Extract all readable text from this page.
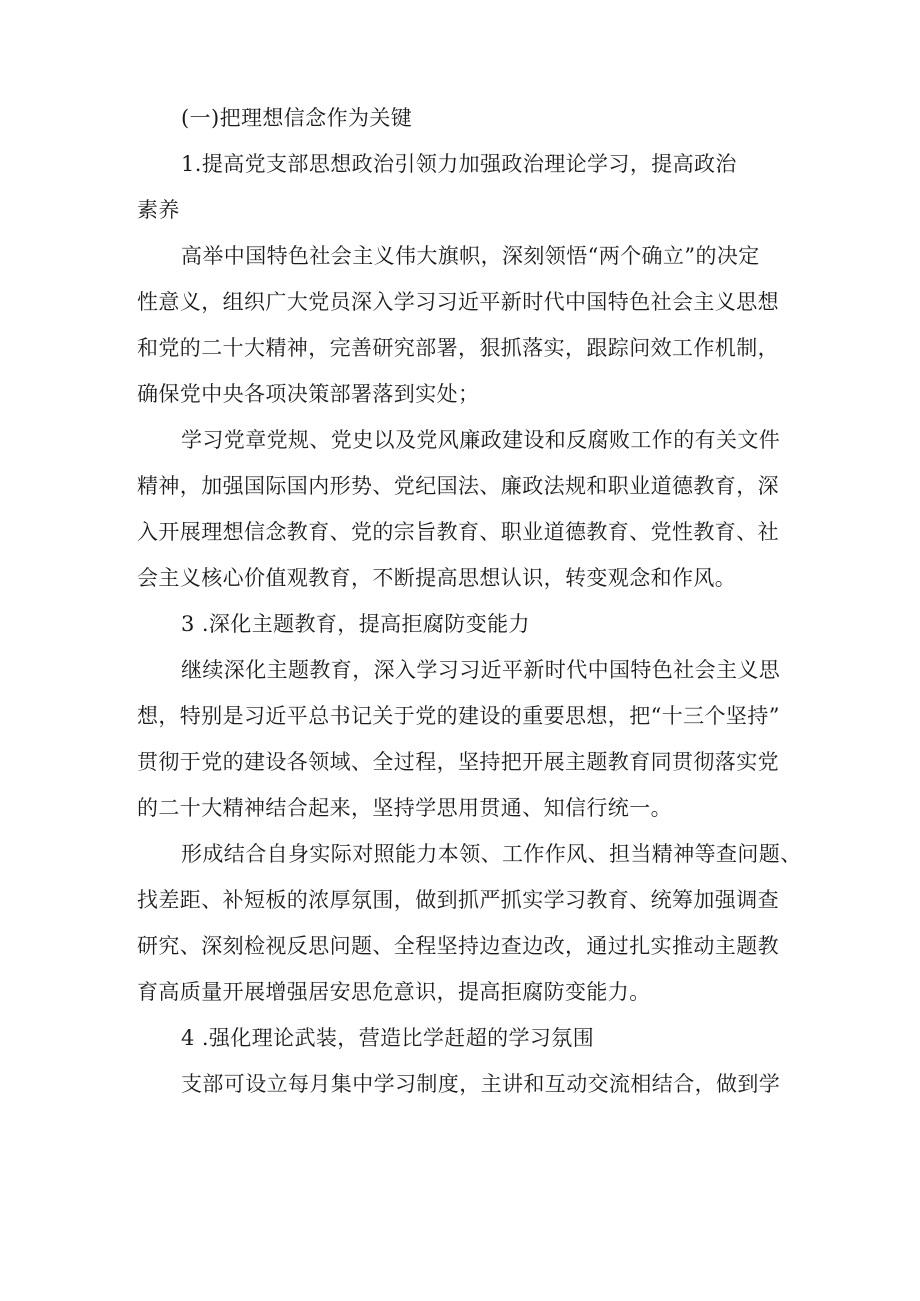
(一)把理想信念作为关键
1.提高党支部思想政治引领力加强政治理论学习，提高政治
素养
高举中国特色社会主义伟大旗帜，深刻领悟“两个确立”的决定
性意义，组织广大党员深入学习习近平新时代中国特色社会主义思想
和党的二十大精神，完善研究部署，狠抓落实，跟踪问效工作机制，
确保党中央各项决策部署落到实处；
学习党章党规、党史以及党风廉政建设和反腐败工作的有关文件
精神，加强国际国内形势、党纪国法、廉政法规和职业道德教育，深
入开展理想信念教育、党的宗旨教育、职业道德教育、党性教育、社
会主义核心价值观教育，不断提高思想认识，转变观念和作风。
3 .深化主题教育，提高拒腐防变能力
继续深化主题教育，深入学习习近平新时代中国特色社会主义思
想，特别是习近平总书记关于党的建设的重要思想，把“十三个坚持”
贯彻于党的建设各领域、全过程，坚持把开展主题教育同贯彻落实党
的二十大精神结合起来，坚持学思用贯通、知信行统一。
形成结合自身实际对照能力本领、工作作风、担当精神等查问题、
找差距、补短板的浓厚氛围，做到抓严抓实学习教育、统筹加强调查
研究、深刻检视反思问题、全程坚持边查边改，通过扎实推动主题教
育高质量开展增强居安思危意识，提高拒腐防变能力。
4 .强化理论武装，营造比学赶超的学习氛围
支部可设立每月集中学习制度，主讲和互动交流相结合，做到学
